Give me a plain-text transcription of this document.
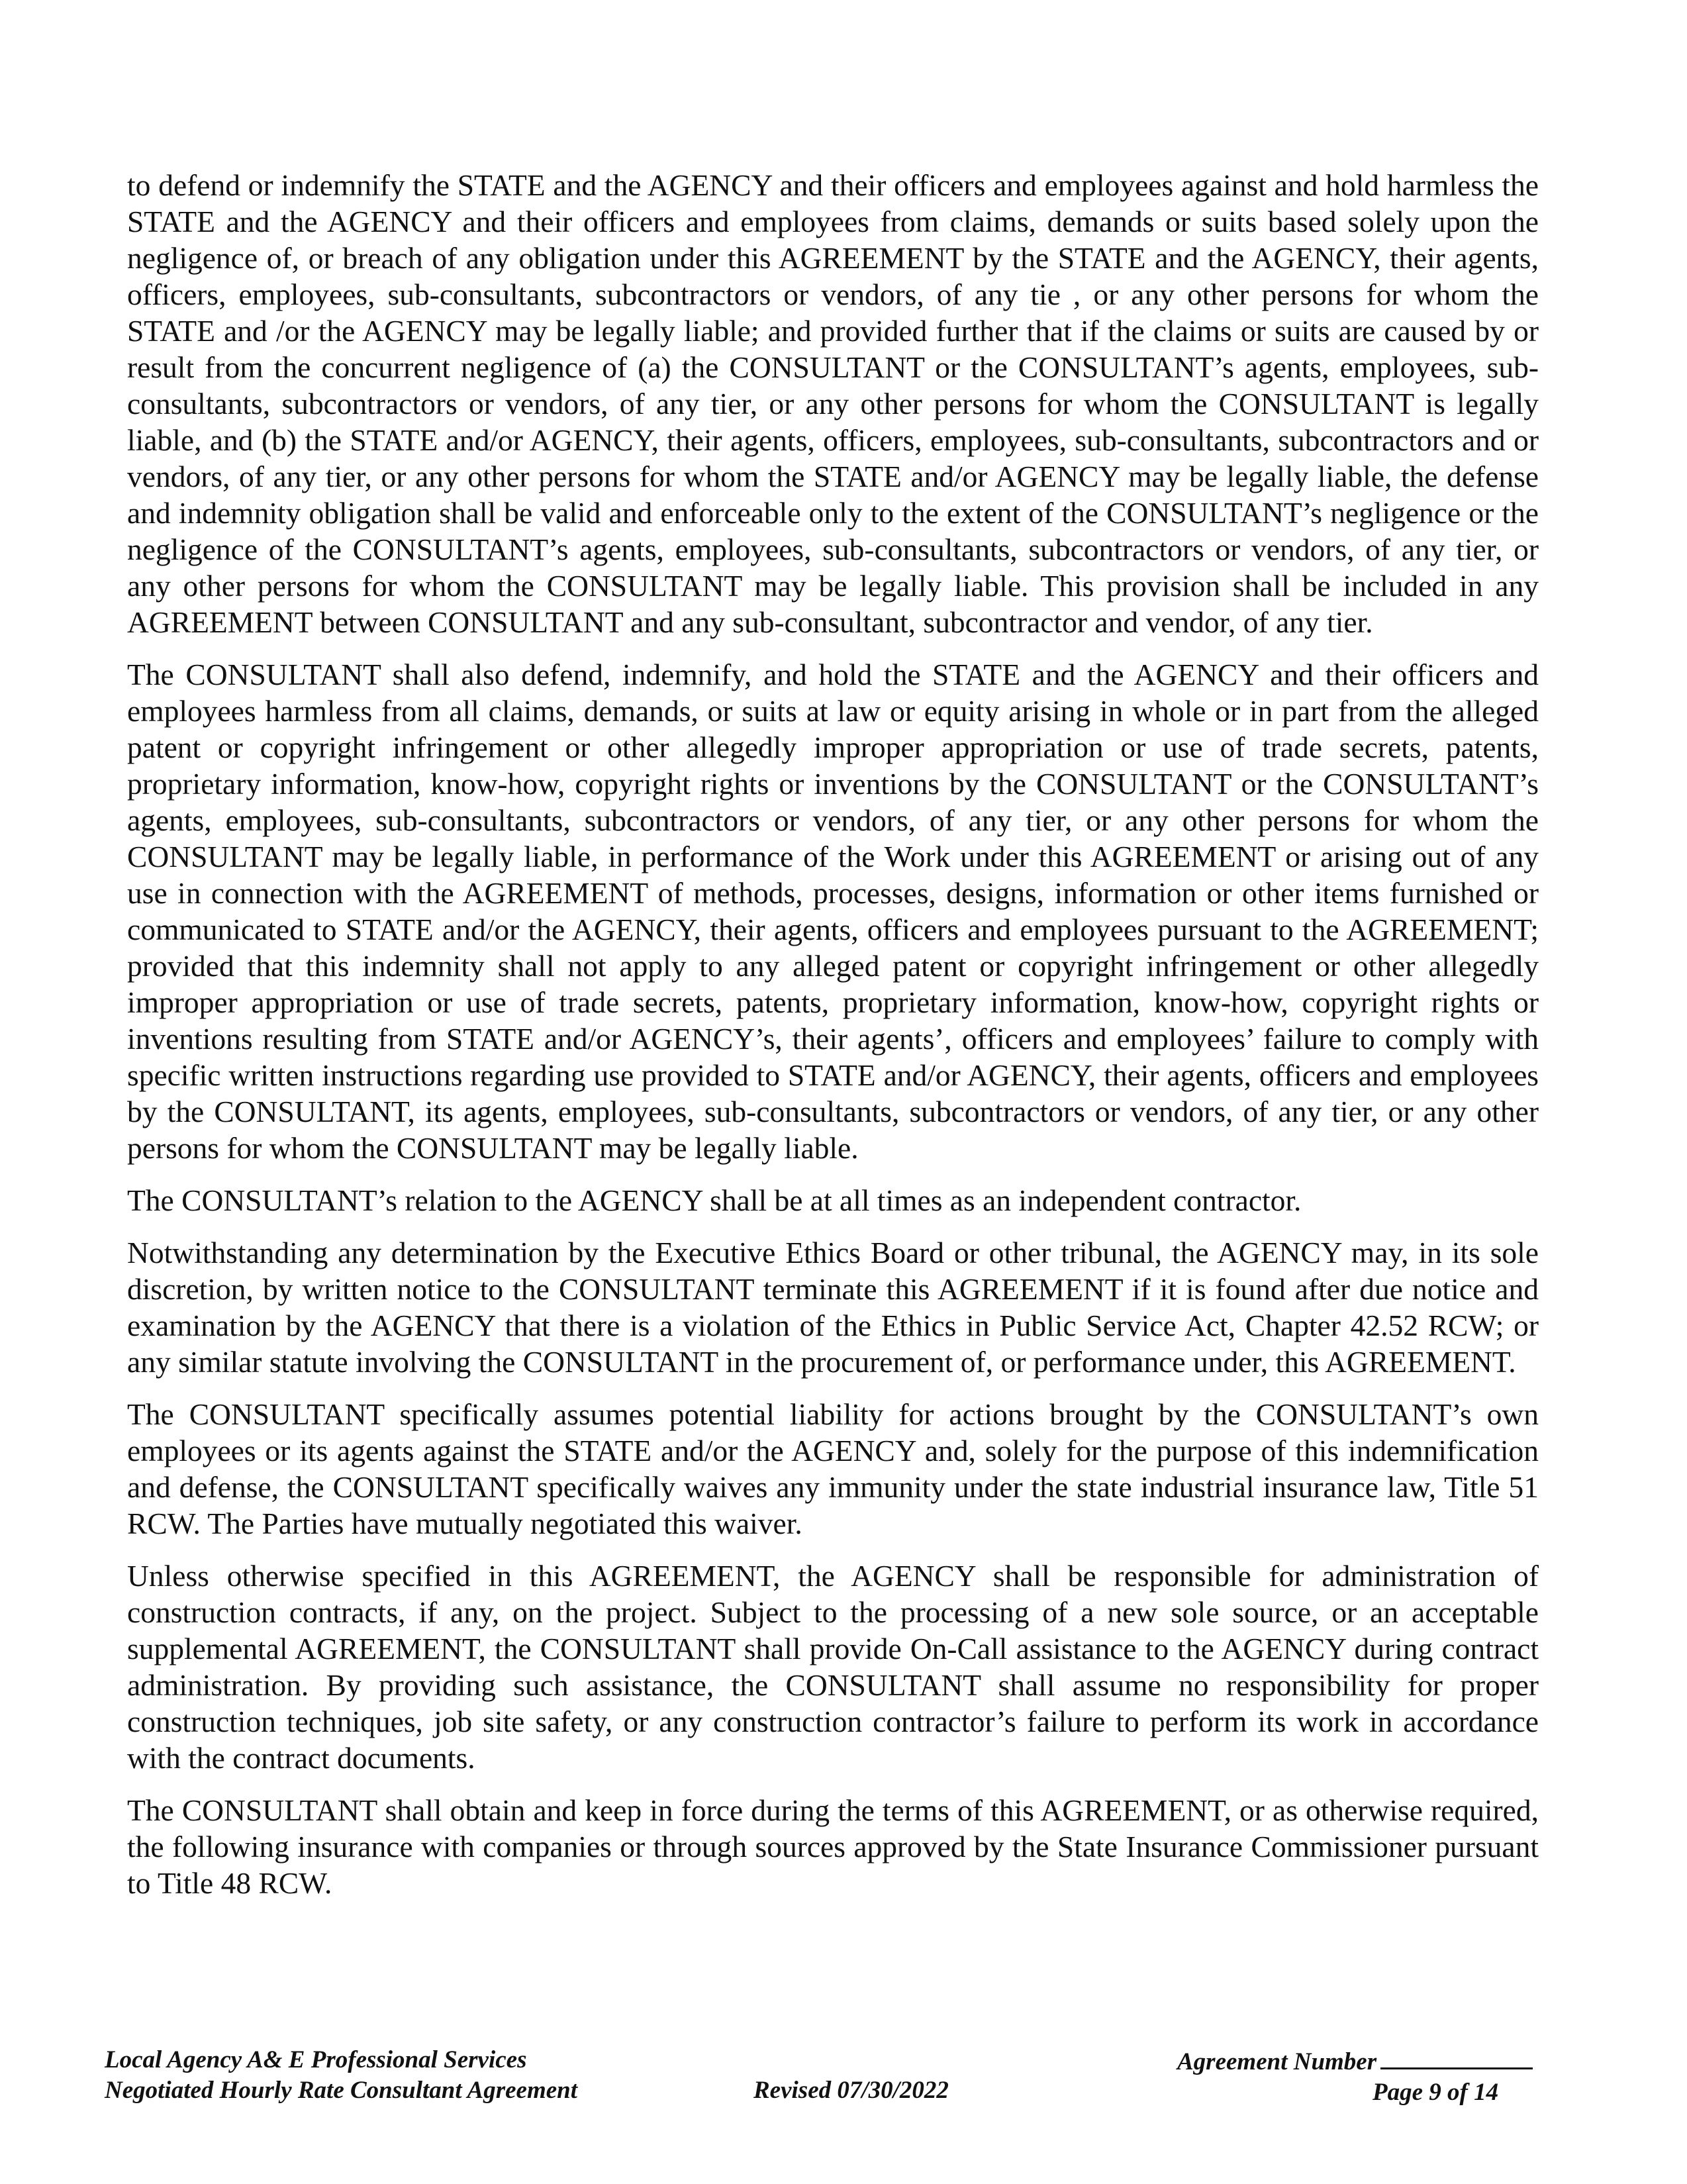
to defend or indemnify the STATE and the AGENCY and their officers and employees against and hold harmless the STATE and the AGENCY and their officers and employees from claims, demands or suits based solely upon the negligence of, or breach of any obligation under this AGREEMENT by the STATE and the AGENCY, their agents, officers, employees, sub-consultants, subcontractors or vendors, of any tie , or any other persons for whom the STATE and /or the AGENCY may be legally liable; and provided further that if the claims or suits are caused by or result from the concurrent negligence of (a) the CONSULTANT or the CONSULTANT’s agents, employees, sub-consultants, subcontractors or vendors, of any tier, or any other persons for whom the CONSULTANT is legally liable, and (b) the STATE and/or AGENCY, their agents, officers, employees, sub-consultants, subcontractors and or vendors, of any tier, or any other persons for whom the STATE and/or AGENCY may be legally liable, the defense and indemnity obligation shall be valid and enforceable only to the extent of the CONSULTANT’s negligence or the negligence of the CONSULTANT’s agents, employees, sub-consultants, subcontractors or vendors, of any tier, or any other persons for whom the CONSULTANT may be legally liable. This provision shall be included in any AGREEMENT between CONSULTANT and any sub-consultant, subcontractor and vendor, of any tier.

The CONSULTANT shall also defend, indemnify, and hold the STATE and the AGENCY and their officers and employees harmless from all claims, demands, or suits at law or equity arising in whole or in part from the alleged patent or copyright infringement or other allegedly improper appropriation or use of trade secrets, patents, proprietary information, know-how, copyright rights or inventions by the CONSULTANT or the CONSULTANT’s agents, employees, sub-consultants, subcontractors or vendors, of any tier, or any other persons for whom the CONSULTANT may be legally liable, in performance of the Work under this AGREEMENT or arising out of any use in connection with the AGREEMENT of methods, processes, designs, information or other items furnished or communicated to STATE and/or the AGENCY, their agents, officers and employees pursuant to the AGREEMENT; provided that this indemnity shall not apply to any alleged patent or copyright infringement or other allegedly improper appropriation or use of trade secrets, patents, proprietary information, know-how, copyright rights or inventions resulting from STATE and/or AGENCY’s, their agents’, officers and employees’ failure to comply with specific written instructions regarding use provided to STATE and/or AGENCY, their agents, officers and employees by the CONSULTANT, its agents, employees, sub-consultants, subcontractors or vendors, of any tier, or any other persons for whom the CONSULTANT may be legally liable.

The CONSULTANT’s relation to the AGENCY shall be at all times as an independent contractor.

Notwithstanding any determination by the Executive Ethics Board or other tribunal, the AGENCY may, in its sole discretion, by written notice to the CONSULTANT terminate this AGREEMENT if it is found after due notice and examination by the AGENCY that there is a violation of the Ethics in Public Service Act, Chapter 42.52 RCW; or any similar statute involving the CONSULTANT in the procurement of, or performance under, this AGREEMENT.

The CONSULTANT specifically assumes potential liability for actions brought by the CONSULTANT’s own employees or its agents against the STATE and/or the AGENCY and, solely for the purpose of this indemnification and defense, the CONSULTANT specifically waives any immunity under the state industrial insurance law, Title 51 RCW. The Parties have mutually negotiated this waiver.

Unless otherwise specified in this AGREEMENT, the AGENCY shall be responsible for administration of construction contracts, if any, on the project. Subject to the processing of a new sole source, or an acceptable supplemental AGREEMENT, the CONSULTANT shall provide On-Call assistance to the AGENCY during contract administration. By providing such assistance, the CONSULTANT shall assume no responsibility for proper construction techniques, job site safety, or any construction contractor’s failure to perform its work in accordance with the contract documents.

The CONSULTANT shall obtain and keep in force during the terms of this AGREEMENT, or as otherwise required, the following insurance with companies or through sources approved by the State Insurance Commissioner pursuant to Title 48 RCW.

Local Agency A& E Professional Services
Negotiated Hourly Rate Consultant Agreement	Revised 07/30/2022
Agreement Number
Page 9 of 14
